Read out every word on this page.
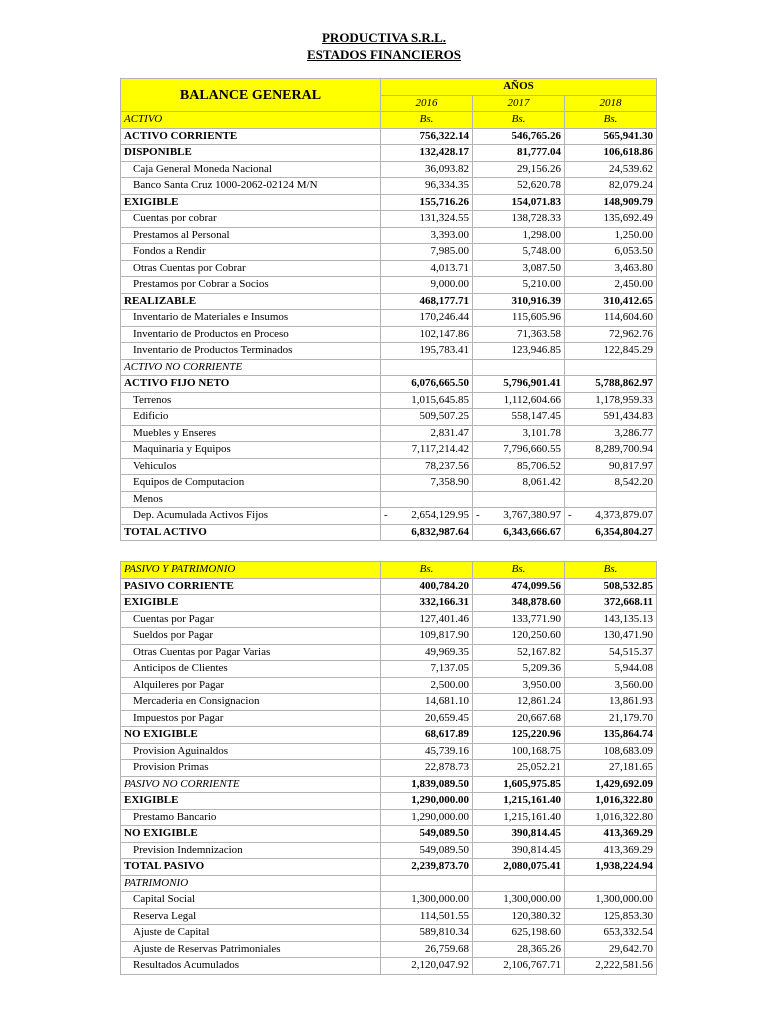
PRODUCTIVA S.R.L.
ESTADOS FINANCIEROS
BALANCE GENERAL	AÑOS		
	2016	2017	2018
ACTIVO	Bs.	Bs.	Bs.
ACTIVO CORRIENTE	756,322.14	546,765.26	565,941.30
DISPONIBLE	132,428.17	81,777.04	106,618.86
Caja General Moneda Nacional	36,093.82	29,156.26	24,539.62
Banco Santa Cruz 1000-2062-02124 M/N	96,334.35	52,620.78	82,079.24
EXIGIBLE	155,716.26	154,071.83	148,909.79
Cuentas por cobrar	131,324.55	138,728.33	135,692.49
Prestamos al Personal	3,393.00	1,298.00	1,250.00
Fondos a Rendir	7,985.00	5,748.00	6,053.50
Otras Cuentas por Cobrar	4,013.71	3,087.50	3,463.80
Prestamos por Cobrar a Socios	9,000.00	5,210.00	2,450.00
REALIZABLE	468,177.71	310,916.39	310,412.65
Inventario de Materiales e Insumos	170,246.44	115,605.96	114,604.60
Inventario de Productos en Proceso	102,147.86	71,363.58	72,962.76
Inventario de Productos Terminados	195,783.41	123,946.85	122,845.29
ACTIVO NO CORRIENTE			
ACTIVO FIJO NETO	6,076,665.50	5,796,901.41	5,788,862.97
Terrenos	1,015,645.85	1,112,604.66	1,178,959.33
Edificio	509,507.25	558,147.45	591,434.83
Muebles y Enseres	2,831.47	3,101.78	3,286.77
Maquinaria y Equipos	7,117,214.42	7,796,660.55	8,289,700.94
Vehiculos	78,237.56	85,706.52	90,817.97
Equipos de Computacion	7,358.90	8,061.42	8,542.20
Menos			
Dep. Acumulada Activos Fijos	- 2,654,129.95	- 3,767,380.97	- 4,373,879.07

TOTAL ACTIVO	6,832,987.64	6,343,666.67	6,354,804.27
PASIVO Y PATRIMONIO	Bs.	Bs.	Bs.
PASIVO CORRIENTE	400,784.20	474,099.56	508,532.85
EXIGIBLE	332,166.31	348,878.60	372,668.11
Cuentas por Pagar	127,401.46	133,771.90	143,135.13
Sueldos por Pagar	109,817.90	120,250.60	130,471.90
Otras Cuentas por Pagar Varias	49,969.35	52,167.82	54,515.37
Anticipos de Clientes	7,137.05	5,209.36	5,944.08
Alquileres por Pagar	2,500.00	3,950.00	3,560.00
Mercaderia en Consignacion	14,681.10	12,861.24	13,861.93
Impuestos por Pagar	20,659.45	20,667.68	21,179.70
NO EXIGIBLE	68,617.89	125,220.96	135,864.74
Provision Aguinaldos	45,739.16	100,168.75	108,683.09
Provision Primas	22,878.73	25,052.21	27,181.65
PASIVO NO CORRIENTE	1,839,089.50	1,605,975.85	1,429,692.09
EXIGIBLE	1,290,000.00	1,215,161.40	1,016,322.80
Prestamo Bancario	1,290,000.00	1,215,161.40	1,016,322.80
NO EXIGIBLE	549,089.50	390,814.45	413,369.29
Prevision Indemnizacion	549,089.50	390,814.45	413,369.29
TOTAL PASIVO	2,239,873.70	2,080,075.41	1,938,224.94
PATRIMONIO			
Capital Social	1,300,000.00	1,300,000.00	1,300,000.00
Reserva Legal	114,501.55	120,380.32	125,853.30
Ajuste de Capital	589,810.34	625,198.60	653,332.54
Ajuste de Reservas Patrimoniales	26,759.68	28,365.26	29,642.70
Resultados Acumulados	2,120,047.92	2,106,767.71	2,222,581.56
